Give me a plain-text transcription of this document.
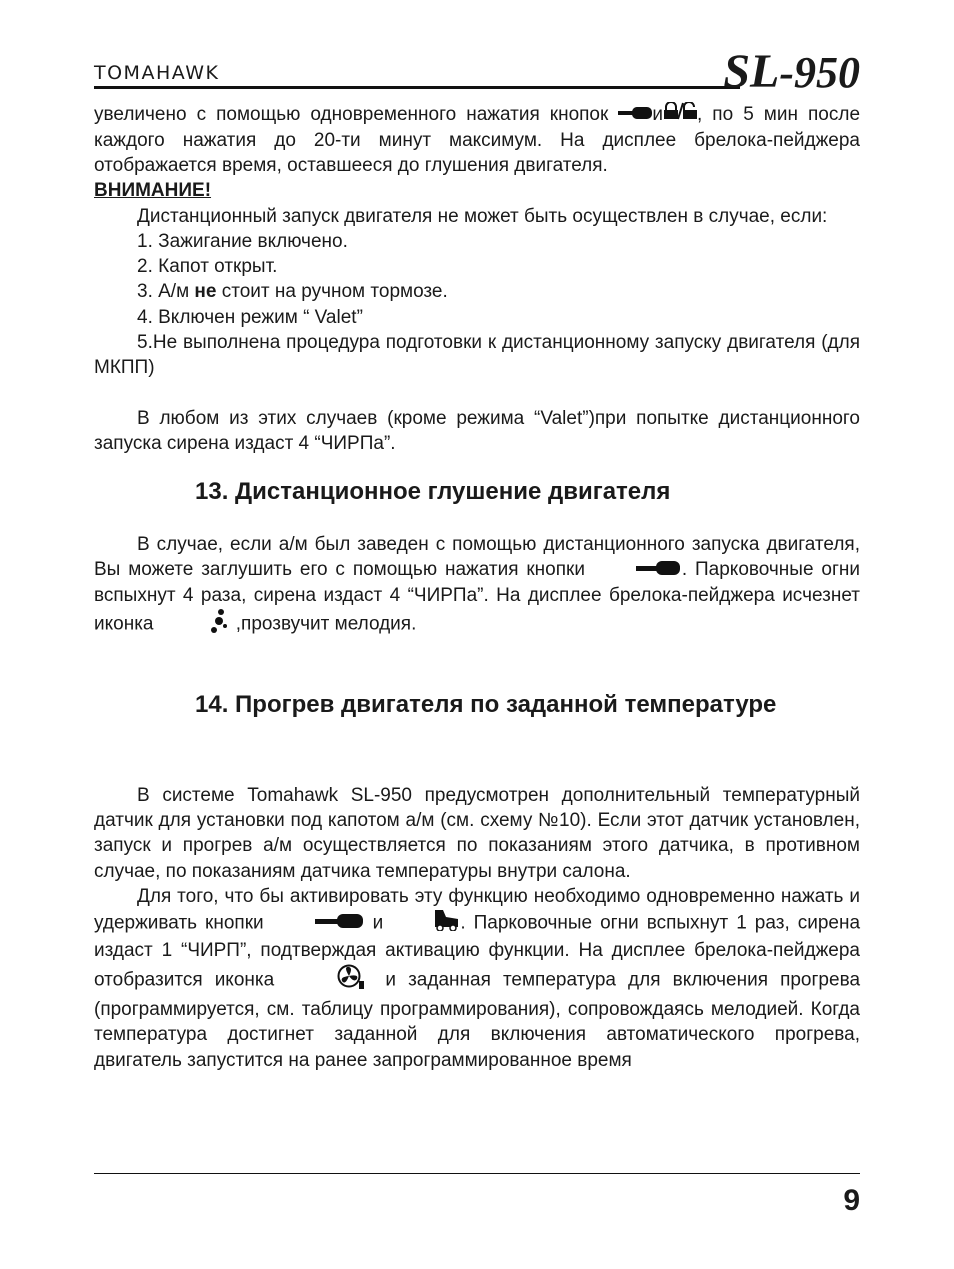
TOMAHAWK	SL-950

увеличено с помощью одновременного нажатия кнопок и , по 5 мин после каждого нажатия до 20-ти минут максимум. На дисплее брелока-пейджера отображается время, оставшееся до глушения двигателя.

ВНИМАНИЕ!

Дистанционный запуск двигателя не может быть осуществлен в случае, если:

1. Зажигание включено.

2. Капот открыт.

3. А/м не стоит на ручном тормозе.

4. Включен режим “ Valet”

5.Не выполнена процедура подготовки к дистанционному запуску двигателя (для МКПП)

В любом из этих случаев (кроме режима “Valet”)при попытке дистанционного запуска сирена издаст 4 “ЧИРПа”.

13. Дистанционное глушение двигателя

В случае, если а/м был заведен с помощью дистанционного запуска двигателя, Вы можете заглушить его с помощью нажатия кнопки	. Парковочные огни вспыхнут 4 раза, сирена издаст 4 “ЧИРПа”. На дисплее брелока-пейджера исчезнет иконка	,прозвучит мелодия.

14. Прогрев двигателя по заданной температуре

В системе Tomahawk SL-950 предусмотрен дополнительный температурный датчик для установки под капотом а/м (см. схему №10). Если этот датчик установлен, запуск и прогрев а/м осуществляется по показаниям этого датчика, в противном случае, по показаниям датчика температуры внутри салона.

Для того, что бы активировать эту функцию необходимо одновременно нажать и удерживать кнопки	и	. Парковочные огни вспыхнут 1 раз, сирена издаст 1 “ЧИРП”, подтверждая активацию функции. На дисплее брелока-пейджера отобразится иконка	и заданная температура для включения прогрева (программируется, см. таблицу программирования), сопровождаясь мелодией. Когда температура достигнет заданной для включения автоматического прогрева, двигатель запустится на ранее запрограммированное время

9
